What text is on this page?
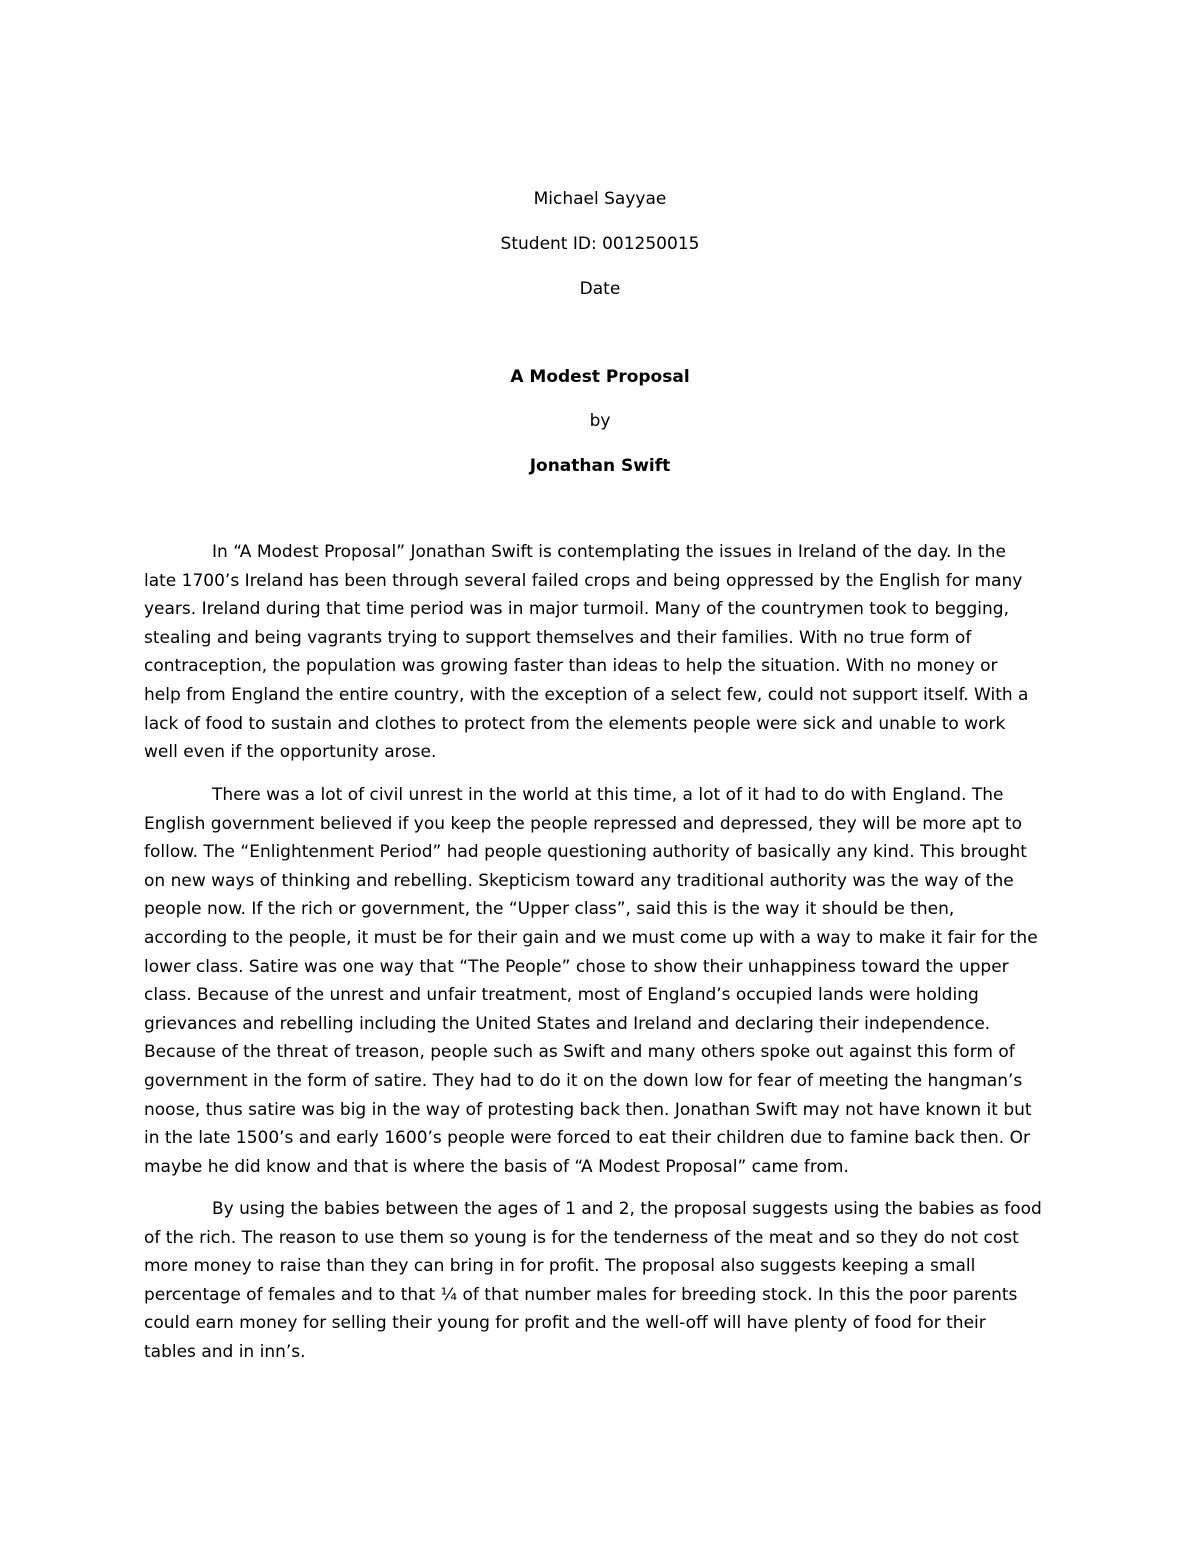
Michael Sayyae

Student ID: 001250015

Date

A Modest Proposal

by

Jonathan Swift

In “A Modest Proposal” Jonathan Swift is contemplating the issues in Ireland of the day. In the
late 1700’s Ireland has been through several failed crops and being oppressed by the English for many
years. Ireland during that time period was in major turmoil. Many of the countrymen took to begging,
stealing and being vagrants trying to support themselves and their families. With no true form of
contraception, the population was growing faster than ideas to help the situation. With no money or
help from England the entire country, with the exception of a select few, could not support itself. With a
lack of food to sustain and clothes to protect from the elements people were sick and unable to work
well even if the opportunity arose.
There was a lot of civil unrest in the world at this time, a lot of it had to do with England. The
English government believed if you keep the people repressed and depressed, they will be more apt to
follow. The “Enlightenment Period” had people questioning authority of basically any kind. This brought
on new ways of thinking and rebelling. Skepticism toward any traditional authority was the way of the
people now. If the rich or government, the “Upper class”, said this is the way it should be then,
according to the people, it must be for their gain and we must come up with a way to make it fair for the
lower class. Satire was one way that “The People” chose to show their unhappiness toward the upper
class. Because of the unrest and unfair treatment, most of England’s occupied lands were holding
grievances and rebelling including the United States and Ireland and declaring their independence.
Because of the threat of treason, people such as Swift and many others spoke out against this form of
government in the form of satire. They had to do it on the down low for fear of meeting the hangman’s
noose, thus satire was big in the way of protesting back then. Jonathan Swift may not have known it but
in the late 1500’s and early 1600’s people were forced to eat their children due to famine back then. Or
maybe he did know and that is where the basis of “A Modest Proposal” came from.
By using the babies between the ages of 1 and 2, the proposal suggests using the babies as food
of the rich. The reason to use them so young is for the tenderness of the meat and so they do not cost
more money to raise than they can bring in for profit. The proposal also suggests keeping a small
percentage of females and to that ¼ of that number males for breeding stock. In this the poor parents
could earn money for selling their young for profit and the well-off will have plenty of food for their
tables and in inn’s.
